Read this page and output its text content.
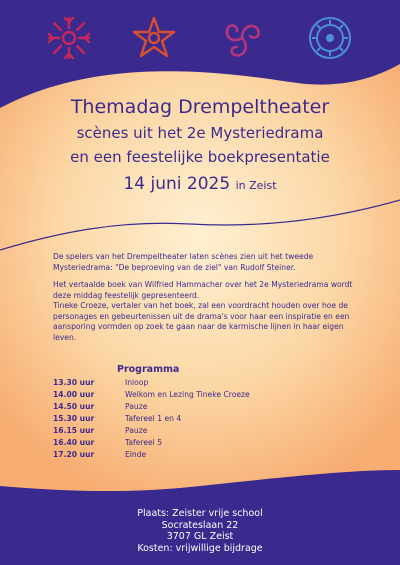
Themadag Drempeltheater
scènes uit het 2e Mysteriedrama
en een feestelijke boekpresentatie
14 juni 2025 in Zeist

De spelers van het Drempeltheater laten scènes zien uit het tweede Mysteriedrama: "De beproeving van de ziel" van Rudolf Steiner.

Het vertaalde boek van Wilfried Hammacher over het 2e Mysteriedrama wordt deze middag feestelijk gepresenteerd.

Tineke Croeze, vertaler van het boek, zal een voordracht houden over hoe de personages en gebeurtenissen uit de drama's voor haar een inspiratie en een aansporing vormden op zoek te gaan naar de karmische lijnen in haar eigen leven.

Programma
13.30 uur	Inloop
14.00 uur	Welkom en Lezing Tineke Croeze
14.50 uur	Pauze
15.30 uur	Tafereel 1 en 4
16.15 uur	Pauze
16.40 uur	Tafereel 5
17.20 uur	Einde
Plaats: Zeister vrije school
Socrateslaan 22
3707 GL Zeist
Kosten: vrijwillige bijdrage
